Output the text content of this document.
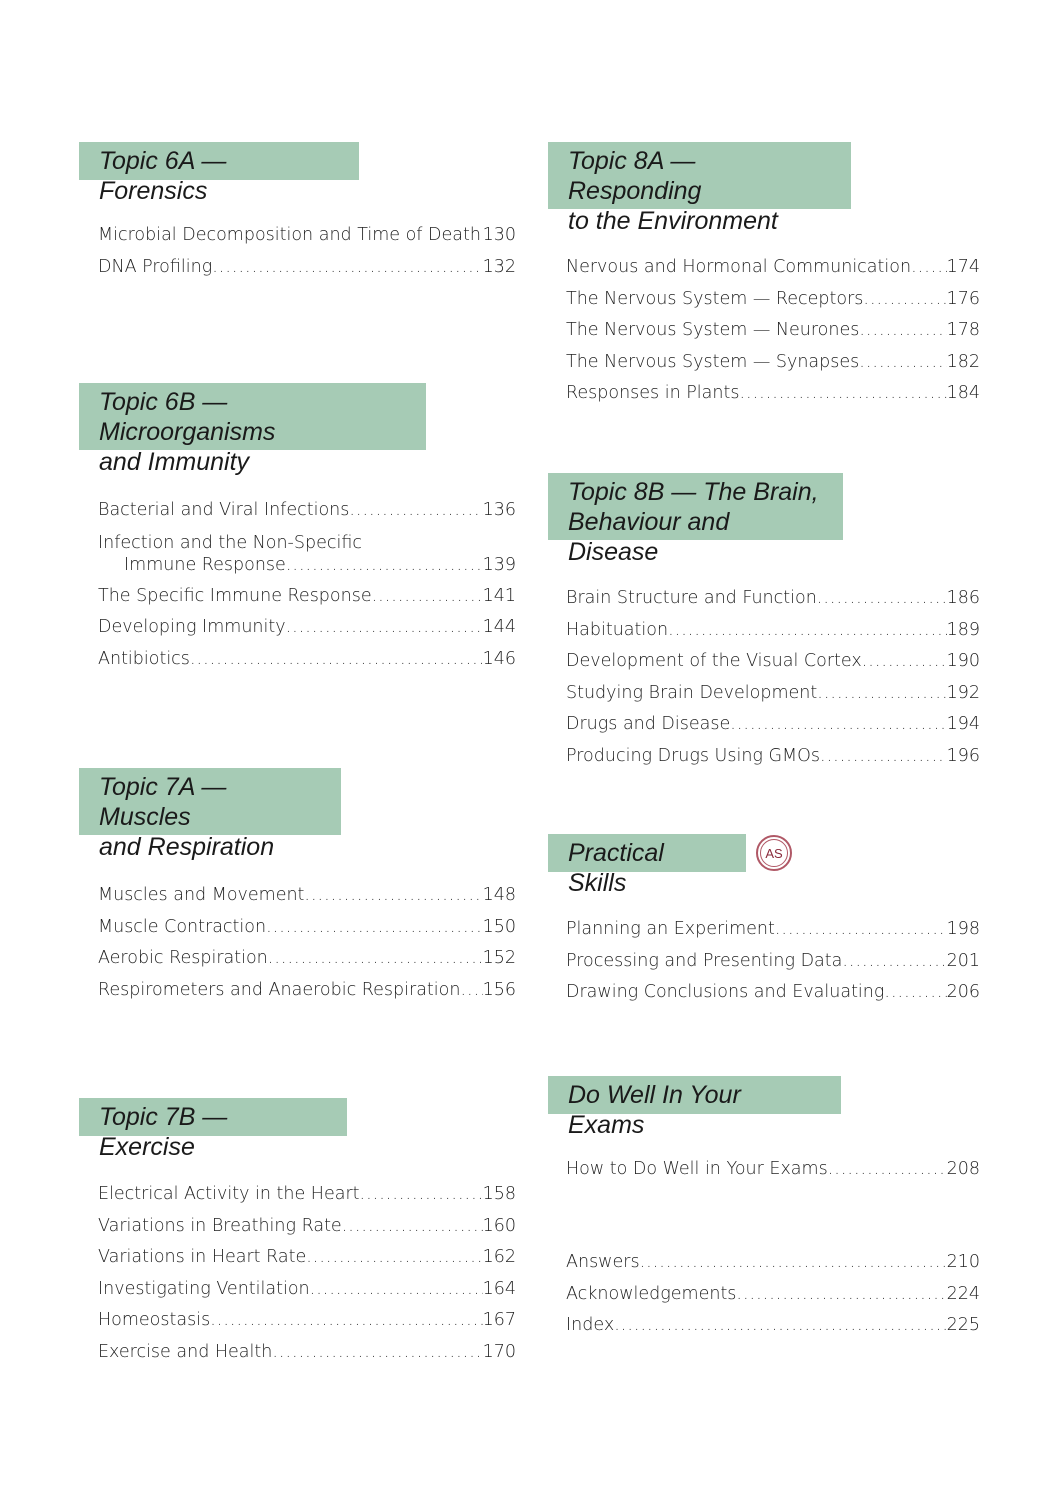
Topic 6A — Forensics
Microbial Decomposition and Time of Death ..... 130
DNA Profiling .....	132
Topic 6B — Microorganisms
and Immunity
Bacterial and Viral Infections .....	136
Infection and the Non-Specific
Immune Response .....	139
The Specific Immune Response .....	141
Developing Immunity .....	144
Antibiotics .....	146
Topic 7A — Muscles
and Respiration
Muscles and Movement .....	148
Muscle Contraction .....	150
Aerobic Respiration .....	152
Respirometers and Anaerobic Respiration ..... 156
Topic 7B — Exercise
Electrical Activity in the Heart .....	158
Variations in Breathing Rate .....	160
Variations in Heart Rate .....	162
Investigating Ventilation .....	164
Homeostasis .....	167
Exercise and Health .....	170
Topic 8A — Responding
to the Environment
Nervous and Hormonal Communication ..... 174
The Nervous System — Receptors .....	176
The Nervous System — Neurones .....	178
The Nervous System — Synapses .....	182
Responses in Plants .....	184
Topic 8B — The Brain,
Behaviour and Disease
Brain Structure and Function .....	186
Habituation .....	189
Development of the Visual Cortex .....	190
Studying Brain Development .....	192
Drugs and Disease .....	194
Producing Drugs Using GMOs .....	196
Practical Skills
AS
Planning an Experiment .....	198
Processing and Presenting Data .....	201
Drawing Conclusions and Evaluating .....	206
Do Well In Your Exams
How to Do Well in Your Exams .....	208
Answers .....	210
Acknowledgements .....	224
Index .....	225
